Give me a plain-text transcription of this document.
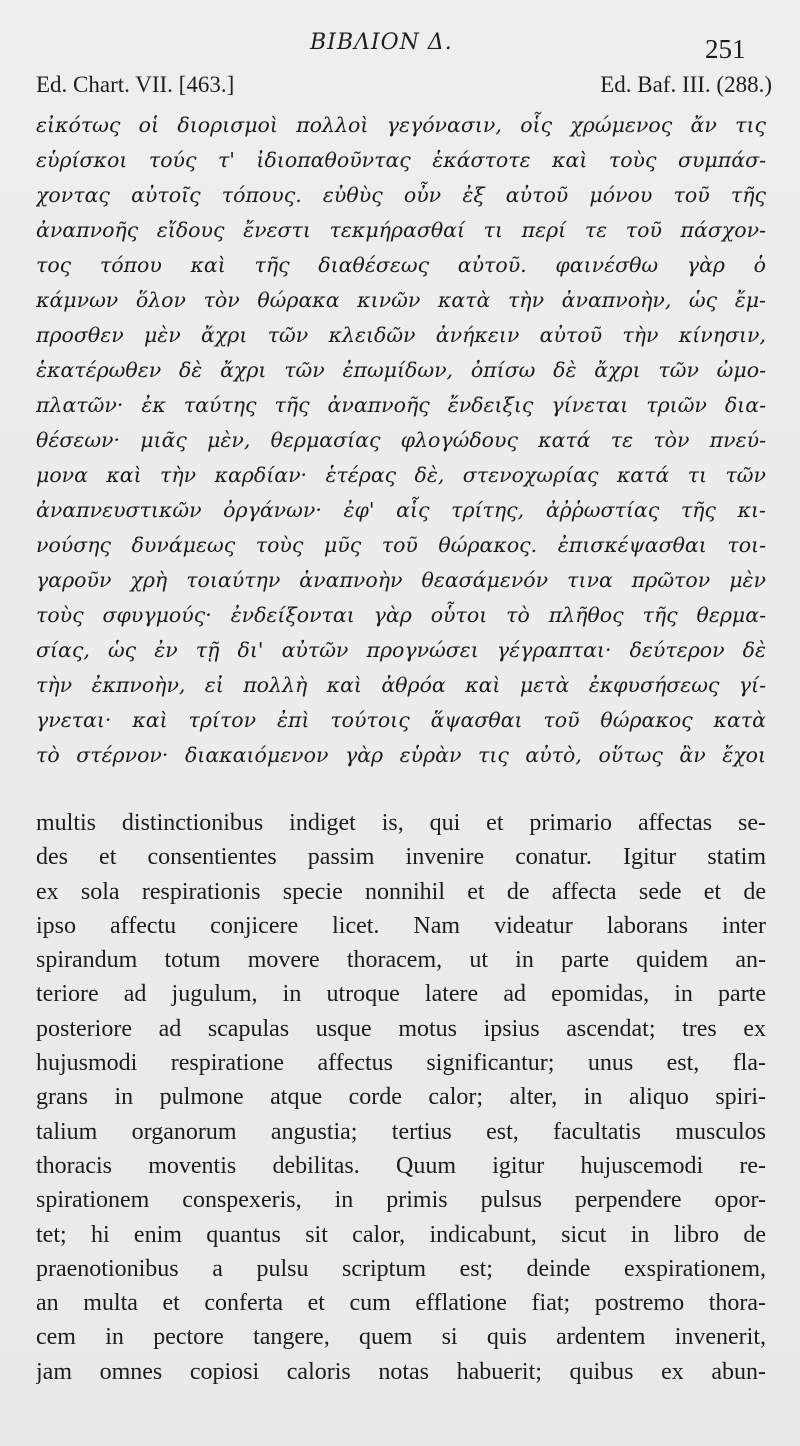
ΒΙΒΛΙΟΝ Δ.	251
Ed. Chart. VII. [463.]	Ed. Baf. III. (288.)
εἰκότως οἱ διορισμοὶ πολλοὶ γεγόνασιν, οἷς χρώμενος ἄν τις
εὑρίσκοι τούς τ' ἰδιοπαθοῦντας ἑκάστοτε καὶ τοὺς συμπάσ-
χοντας αὐτοῖς τόπους. εὐθὺς οὖν ἐξ αὐτοῦ μόνου τοῦ τῆς
ἀναπνοῆς εἴδους ἔνεστι τεκμήρασθαί τι περί τε τοῦ πάσχον-
τος τόπου καὶ τῆς διαθέσεως αὐτοῦ. φαινέσθω γὰρ ὁ
κάμνων ὅλον τὸν θώρακα κινῶν κατὰ τὴν ἀναπνοὴν, ὡς ἔμ-
προσθεν μὲν ἄχρι τῶν κλειδῶν ἀνήκειν αὐτοῦ τὴν κίνησιν,
ἑκατέρωθεν δὲ ἄχρι τῶν ἐπωμίδων, ὀπίσω δὲ ἄχρι τῶν ὠμο-
πλατῶν· ἐκ ταύτης τῆς ἀναπνοῆς ἔνδειξις γίνεται τριῶν δια-
θέσεων· μιᾶς μὲν, θερμασίας φλογώδους κατά τε τὸν πνεύ-
μονα καὶ τὴν καρδίαν· ἑτέρας δὲ, στενοχωρίας κατά τι τῶν
ἀναπνευστικῶν ὀργάνων· ἐφ' αἷς τρίτης, ἀῤῥωστίας τῆς κι-
νούσης δυνάμεως τοὺς μῦς τοῦ θώρακος. ἐπισκέψασθαι τοι-
γαροῦν χρὴ τοιαύτην ἀναπνοὴν θεασάμενόν τινα πρῶτον μὲν
τοὺς σφυγμούς· ἐνδείξονται γὰρ οὗτοι τὸ πλῆθος τῆς θερμα-
σίας, ὡς ἐν τῇ δι' αὐτῶν προγνώσει γέγραπται· δεύτερον δὲ
τὴν ἐκπνοὴν, εἰ πολλὴ καὶ ἀθρόα καὶ μετὰ ἐκφυσήσεως γί-
γνεται· καὶ τρίτον ἐπὶ τούτοις ἅψασθαι τοῦ θώρακος κατὰ
τὸ στέρνον· διακαιόμενον γὰρ εὑρὰν τις αὐτὸ, οὕτως ἂν ἔχοι
multis distinctionibus indiget is, qui et primario affectas se-
des et consentientes passim invenire conatur. Igitur statim
ex sola respirationis specie nonnihil et de affecta sede et de
ipso affectu conjicere licet. Nam videatur laborans inter
spirandum totum movere thoracem, ut in parte quidem an-
teriore ad jugulum, in utroque latere ad epomidas, in parte
posteriore ad scapulas usque motus ipsius ascendat; tres ex
hujusmodi respiratione affectus significantur; unus est, fla-
grans in pulmone atque corde calor; alter, in aliquo spiri-
talium organorum angustia; tertius est, facultatis musculos
thoracis moventis debilitas. Quum igitur hujuscemodi re-
spirationem conspexeris, in primis pulsus perpendere opor-
tet; hi enim quantus sit calor, indicabunt, sicut in libro de
praenotionibus a pulsu scriptum est; deinde exspirationem,
an multa et conferta et cum efflatione fiat; postremo thora-
cem in pectore tangere, quem si quis ardentem invenerit,
jam omnes copiosi caloris notas habuerit; quibus ex abun-
